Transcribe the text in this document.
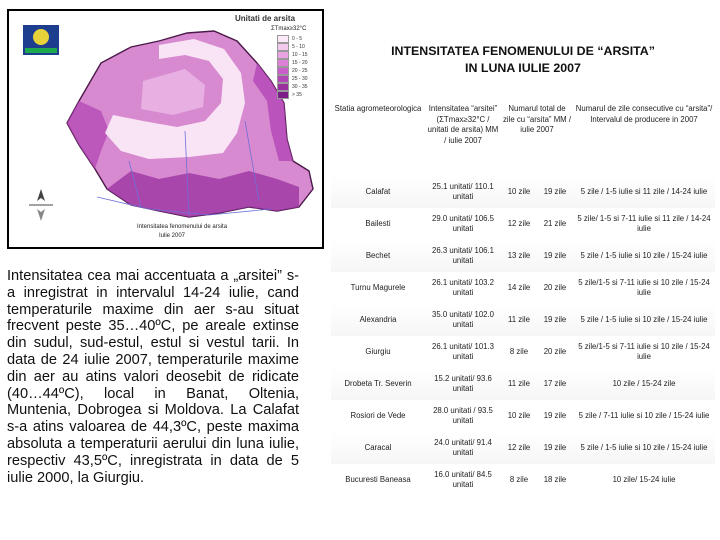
Unitati de arsita
ΣTmax≥32°C
0 - 5
5 - 10
10 - 15
15 - 20
20 - 25
25 - 30
30 - 35
> 35
Intensitatea fenomenului de arsita
Iulie 2007
Intensitatea cea mai accentuata a „arsitei” s-a inregistrat in intervalul 14-24 iulie, cand temperaturile maxime din aer s-au situat frecvent peste 35…40ºC, pe areale extinse din sudul, sud-estul, estul si vestul tarii. In data de 24 iulie 2007, temperaturile maxime din aer au atins valori deosebit de ridicate (40…44ºC), local in Banat, Oltenia, Muntenia, Dobrogea si Moldova. La Calafat s-a atins valoarea de 44,3ºC, peste maxima absoluta a temperaturii aerului din luna iulie, respectiv 43,5ºC, inregistrata in data de 5 iulie 2000, la Giurgiu.
INTENSITATEA FENOMENULUI DE “ARSITA”
IN LUNA IULIE 2007
Statia agrometeorologica	Intensitatea “arsitei” (ΣTmax≥32°C / unitati de arsita) MM / iulie 2007	Numarul total de zile cu “arsita” MM / iulie 2007		Numarul de zile consecutive cu “arsita”/ Intervalul de producere in 2007
Calafat	25.1 unitati/ 110.1 unitati	10 zile	19 zile	5 zile / 1-5 iulie si 11 zile / 14-24 iulie
Bailesti	29.0 unitati/ 106.5 unitati	12 zile	21 zile	5 zile/ 1-5 si 7-11 iulie si 11 zile / 14-24 iulie
Bechet	26.3 unitati/ 106.1 unitati	13 zile	19 zile	5 zile / 1-5 iulie si 10 zile / 15-24 iulie
Turnu Magurele	26.1 unitati/ 103.2 unitati	14 zile	20 zile	5 zile/1-5 si 7-11 iulie si 10 zile / 15-24 iulie
Alexandria	35.0 unitati/ 102.0 unitati	11 zile	19 zile	5 zile / 1-5 iulie si 10 zile / 15-24 iulie
Giurgiu	26.1 unitati/ 101.3 unitati	8 zile	20 zile	5 zile/1-5 si 7-11 iulie si 10 zile / 15-24 iulie
Drobeta Tr. Severin	15.2 unitati/ 93.6 unitati	11 zile	17 zile	10 zile / 15-24 zile
Rosiori de Vede	28.0 unitati / 93.5 unitati	10 zile	19 zile	5 zile / 7-11 iulie si 10 zile / 15-24 iulie
Caracal	24.0 unitati/ 91.4 unitati	12 zile	19 zile	5 zile / 1-5 iulie si 10 zile / 15-24 iulie
Bucuresti Baneasa	16.0 unitati/ 84.5 unitati	8 zile	18 zile	10 zile/ 15-24 iulie
